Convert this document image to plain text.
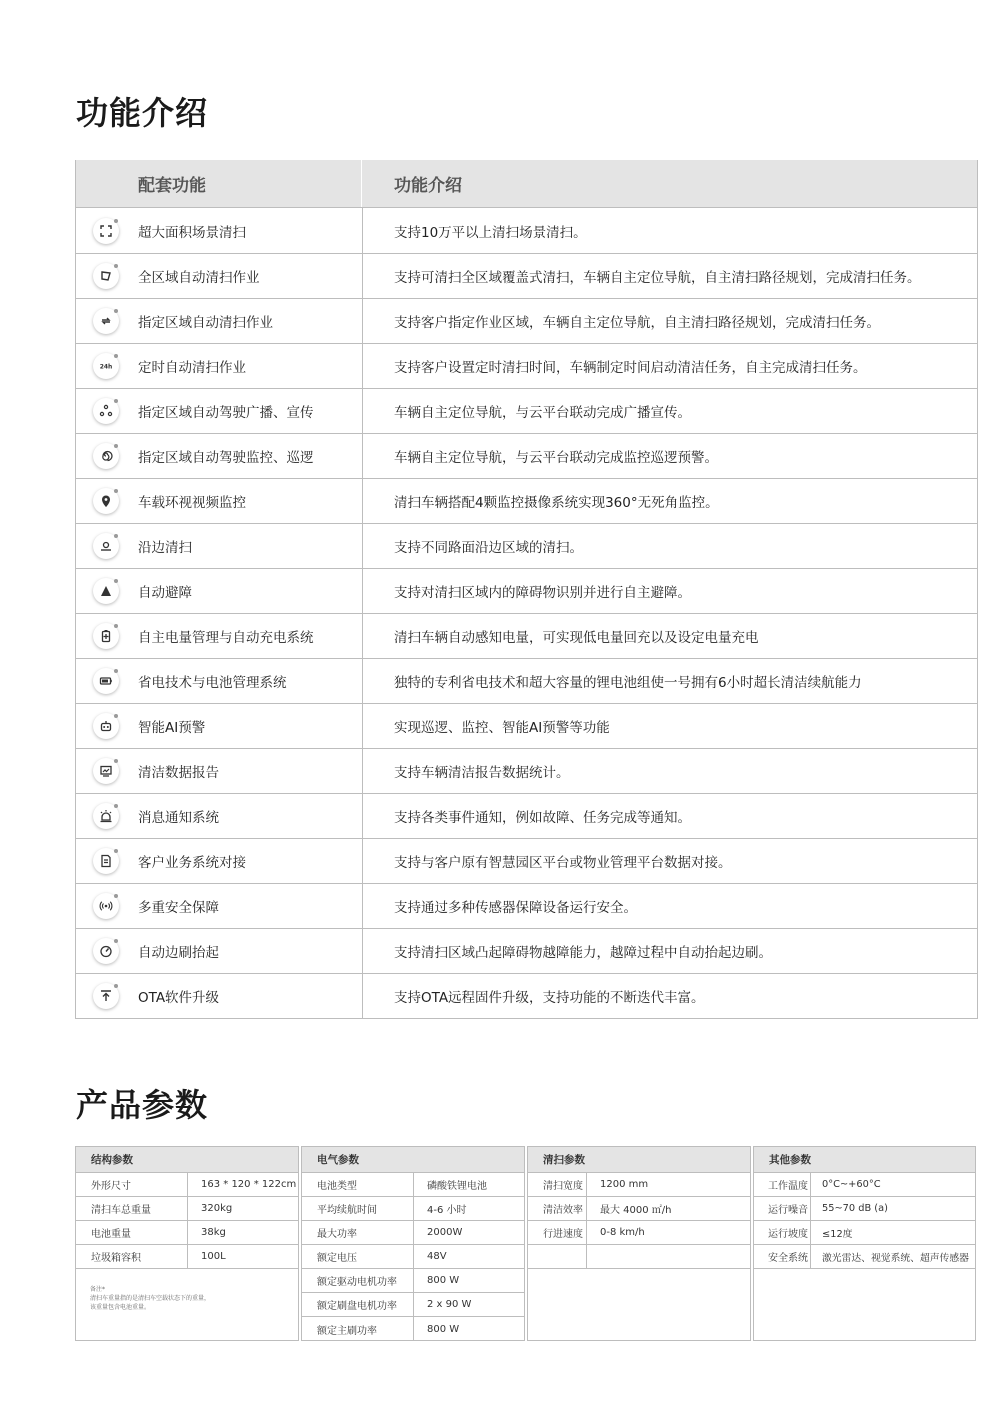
功能介绍
配套功能	功能介绍
超大面积场景清扫	支持10万平以上清扫场景清扫。
全区域自动清扫作业	支持可清扫全区域覆盖式清扫，车辆自主定位导航，自主清扫路径规划，完成清扫任务。
指定区域自动清扫作业	支持客户指定作业区域，车辆自主定位导航，自主清扫路径规划，完成清扫任务。
24h 定时自动清扫作业	支持客户设置定时清扫时间，车辆制定时间启动清洁任务，自主完成清扫任务。
指定区域自动驾驶广播、宣传	车辆自主定位导航，与云平台联动完成广播宣传。
指定区域自动驾驶监控、巡逻	车辆自主定位导航，与云平台联动完成监控巡逻预警。
车载环视视频监控	清扫车辆搭配4颗监控摄像系统实现360°无死角监控。
沿边清扫	支持不同路面沿边区域的清扫。
自动避障	支持对清扫区域内的障碍物识别并进行自主避障。
自主电量管理与自动充电系统	清扫车辆自动感知电量，可实现低电量回充以及设定电量充电
省电技术与电池管理系统	独特的专利省电技术和超大容量的锂电池组使一号拥有6小时超长清洁续航能力
智能AI预警	实现巡逻、监控、智能AI预警等功能
清洁数据报告	支持车辆清洁报告数据统计。
消息通知系统	支持各类事件通知，例如故障、任务完成等通知。
客户业务系统对接	支持与客户原有智慧园区平台或物业管理平台数据对接。
多重安全保障	支持通过多种传感器保障设备运行安全。
自动边刷抬起	支持清扫区域凸起障碍物越障能力，越障过程中自动抬起边刷。
OTA软件升级	支持OTA远程固件升级，支持功能的不断迭代丰富。
产品参数
结构参数
外形尺寸	163 * 120 * 122cm
清扫车总重量	320kg
电池重量	38kg
垃圾箱容积	100L
备注*
清扫车重量指的是清扫车空载状态下的重量，
该重量包含电池重量。
电气参数
电池类型	磷酸铁锂电池
平均续航时间	4-6 小时
最大功率	2000W
额定电压	48V
额定驱动电机功率	800 W
额定刷盘电机功率	2 x 90 W
额定主刷功率	800 W
清扫参数
清扫宽度	1200 mm
清洁效率	最大 4000 ㎡/h
行进速度	0-8 km/h
其他参数
工作温度	0°C~+60°C
运行噪音	55~70 dB (a)
运行坡度	≤12度
安全系统	激光雷达、视觉系统、超声传感器
